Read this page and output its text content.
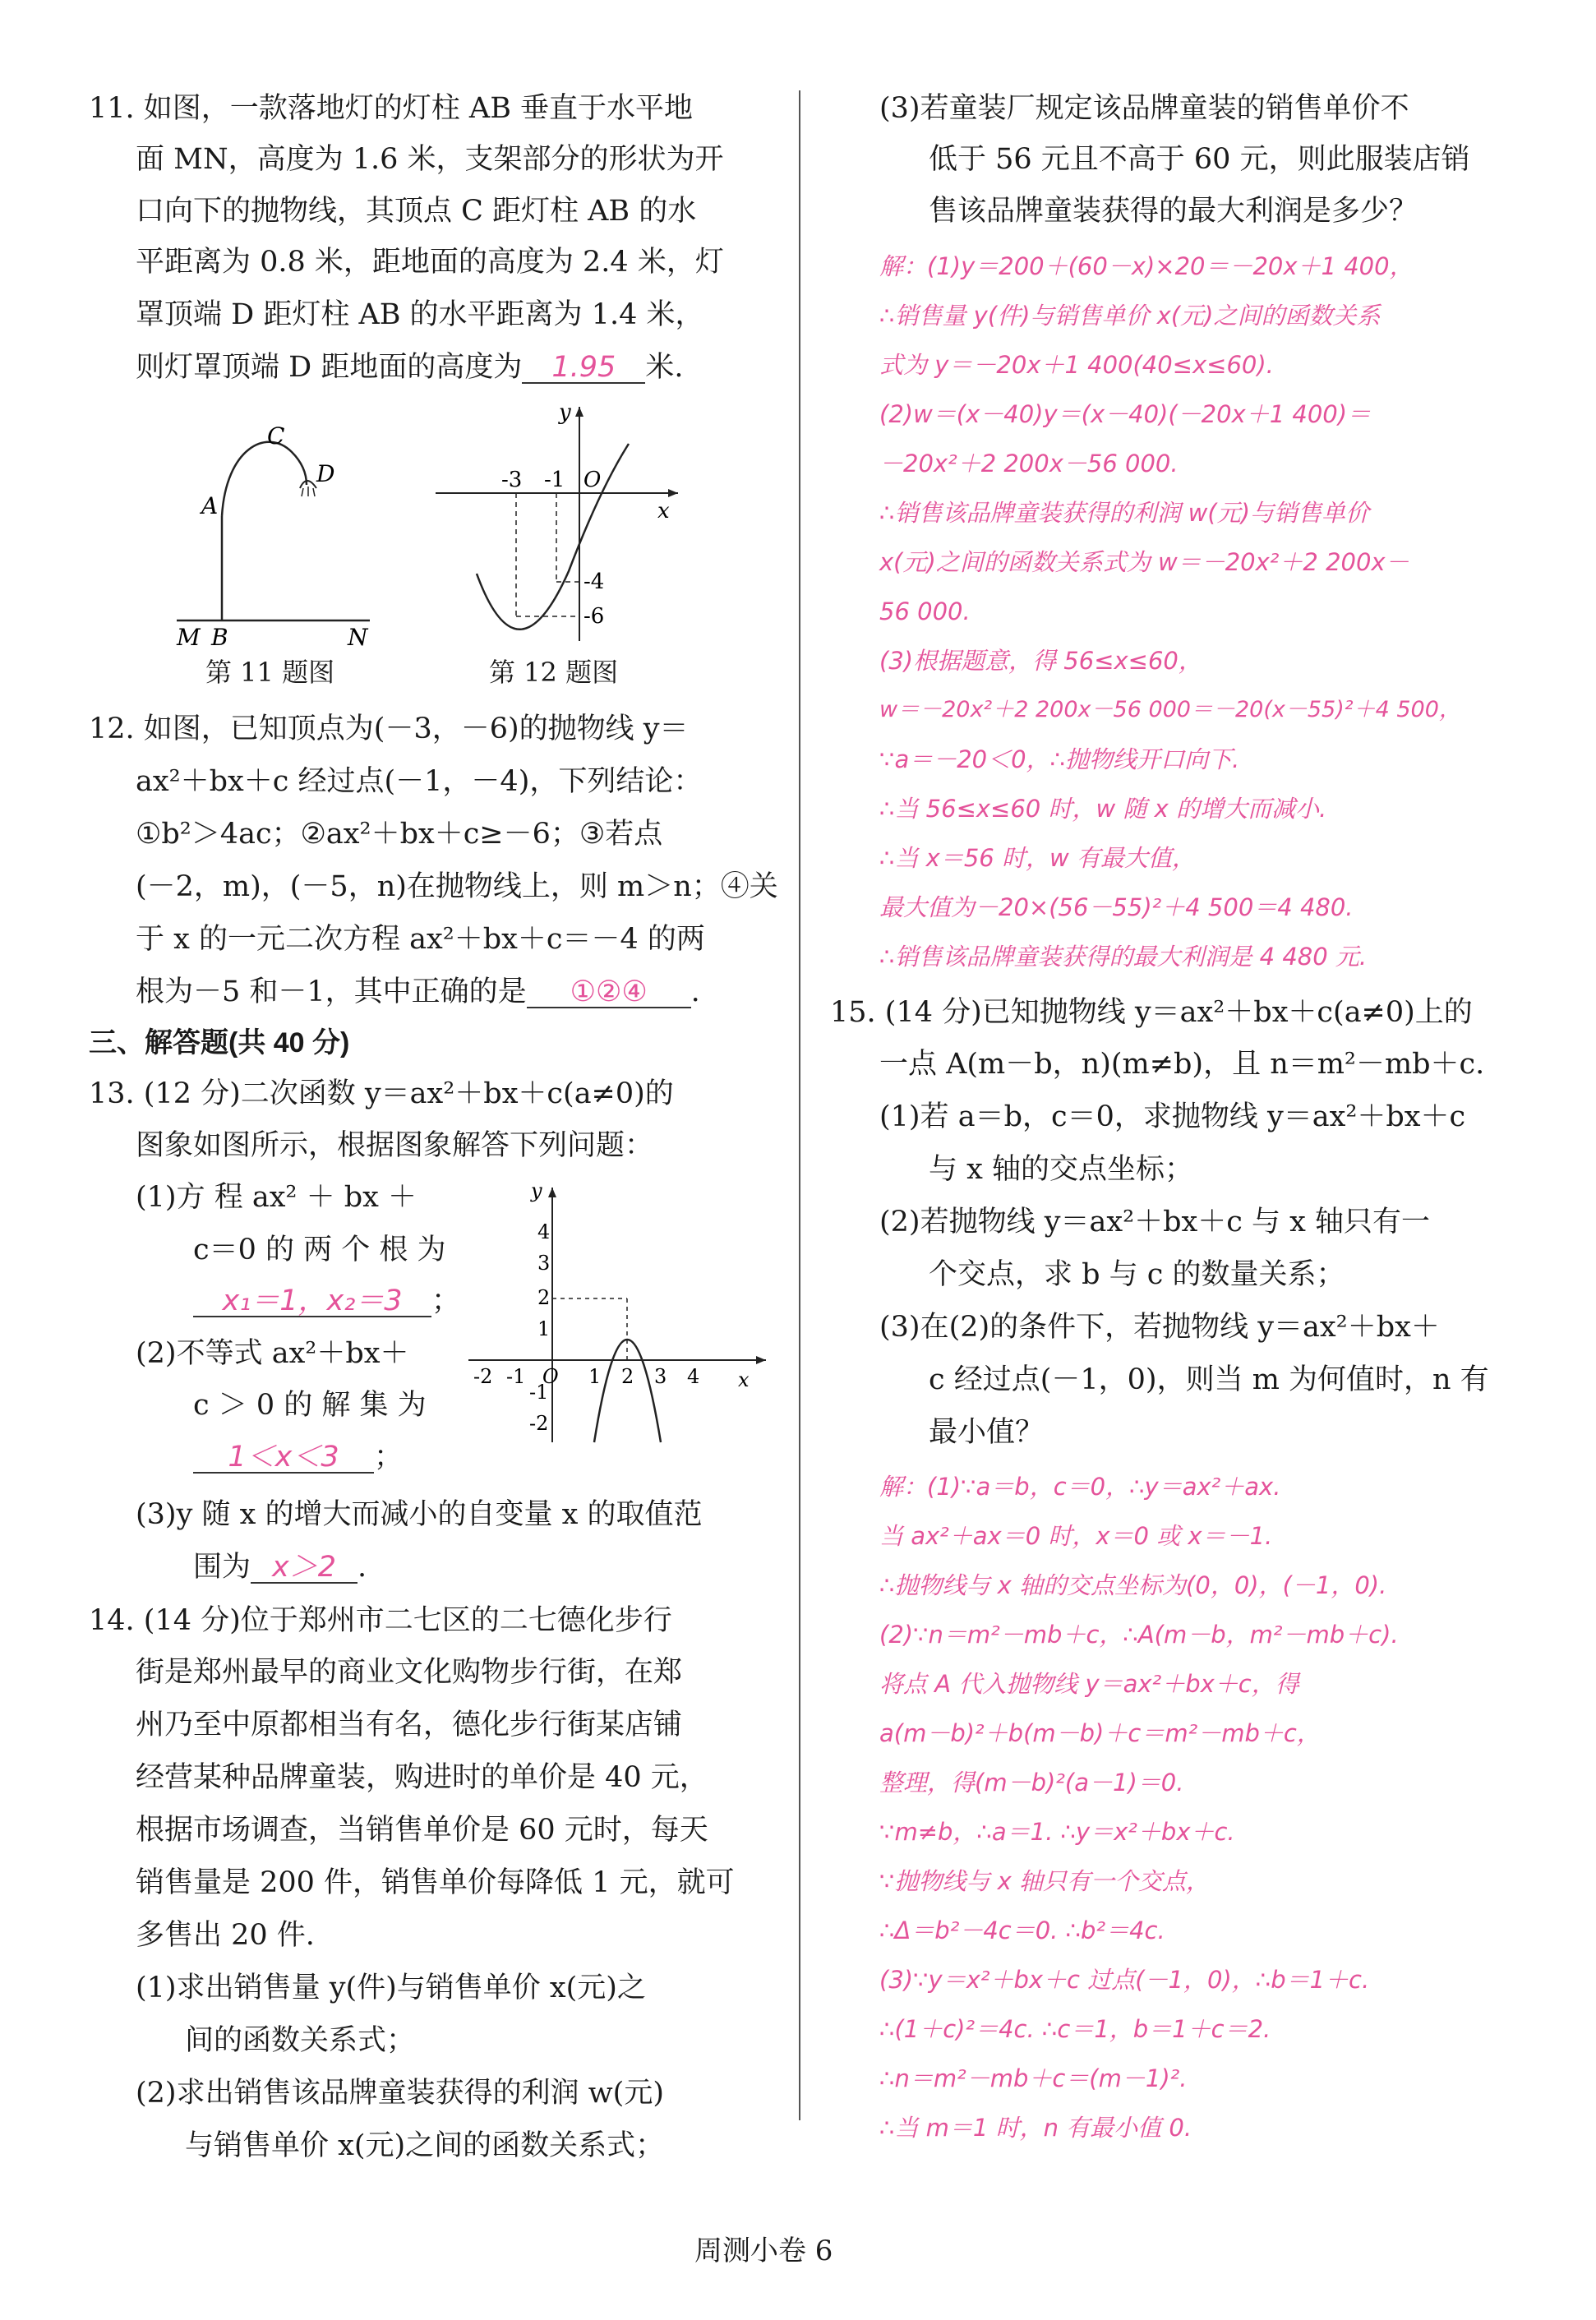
11. 如图，一款落地灯的灯柱 AB 垂直于水平地
面 MN，高度为 1.6 米，支架部分的形状为开
口向下的抛物线，其顶点 C 距灯柱 AB 的水
平距离为 0.8 米，距地面的高度为 2.4 米，灯
罩顶端 D 距灯柱 AB 的水平距离为 1.4 米，
则灯罩顶端 D 距地面的高度为 1.95 米.
C
D
A
M B	N
第 11 题图
y
x
-3 -1 O
-4
-6
第 12 题图
12. 如图，已知顶点为(－3，－6)的抛物线 y＝
ax²＋bx＋c 经过点(－1，－4)，下列结论：
①b²＞4ac；②ax²＋bx＋c≥－6；③若点
(－2，m)，(－5，n)在抛物线上，则 m＞n；④关
于 x 的一元二次方程 ax²＋bx＋c＝－4 的两
根为－5 和－1，其中正确的是 ①②④ .
三、解答题(共 40 分)
13. (12 分)二次函数 y＝ax²＋bx＋c(a≠0)的
图象如图所示，根据图象解答下列问题：
(1)方 程 ax² ＋ bx ＋
c＝0 的 两 个 根 为
x₁＝1，x₂＝3 ；
(2)不等式 ax²＋bx＋
c ＞ 0 的 解 集 为
1＜x＜3 ；
(3)y 随 x 的增大而减小的自变量 x 的取值范
围为 x＞2 .
y
x
4
3
2
1
-1
-2
-2 -1 O 1 2 3 4
14. (14 分)位于郑州市二七区的二七德化步行
街是郑州最早的商业文化购物步行街，在郑
州乃至中原都相当有名，德化步行街某店铺
经营某种品牌童装，购进时的单价是 40 元，
根据市场调查，当销售单价是 60 元时，每天
销售量是 200 件，销售单价每降低 1 元，就可
多售出 20 件.
(1)求出销售量 y(件)与销售单价 x(元)之
间的函数关系式；
(2)求出销售该品牌童装获得的利润 w(元)
与销售单价 x(元)之间的函数关系式；
(3)若童装厂规定该品牌童装的销售单价不
低于 56 元且不高于 60 元，则此服装店销
售该品牌童装获得的最大利润是多少？
解：(1)y＝200＋(60－x)×20＝－20x＋1 400，
∴销售量 y(件)与销售单价 x(元)之间的函数关系
式为 y＝－20x＋1 400(40≤x≤60).
(2)w＝(x－40)y＝(x－40)(－20x＋1 400)＝
－20x²＋2 200x－56 000.
∴销售该品牌童装获得的利润 w(元)与销售单价
x(元)之间的函数关系式为 w＝－20x²＋2 200x－
56 000.
(3)根据题意，得 56≤x≤60，
w＝－20x²＋2 200x－56 000＝－20(x－55)²＋4 500，
∵a＝－20＜0，∴抛物线开口向下.
∴当 56≤x≤60 时，w 随 x 的增大而减小.
∴当 x＝56 时，w 有最大值，
最大值为－20×(56－55)²＋4 500＝4 480.
∴销售该品牌童装获得的最大利润是 4 480 元.
15. (14 分)已知抛物线 y＝ax²＋bx＋c(a≠0)上的
一点 A(m－b，n)(m≠b)，且 n＝m²－mb＋c.
(1)若 a＝b，c＝0，求抛物线 y＝ax²＋bx＋c
与 x 轴的交点坐标；
(2)若抛物线 y＝ax²＋bx＋c 与 x 轴只有一
个交点，求 b 与 c 的数量关系；
(3)在(2)的条件下，若抛物线 y＝ax²＋bx＋
c 经过点(－1，0)，则当 m 为何值时，n 有
最小值？
解：(1)∵a＝b，c＝0，∴y＝ax²＋ax.
当 ax²＋ax＝0 时，x＝0 或 x＝－1.
∴抛物线与 x 轴的交点坐标为(0，0)，(－1，0).
(2)∵n＝m²－mb＋c，∴A(m－b，m²－mb＋c).
将点 A 代入抛物线 y＝ax²＋bx＋c，得
a(m－b)²＋b(m－b)＋c＝m²－mb＋c，
整理，得(m－b)²(a－1)＝0.
∵m≠b，∴a＝1. ∴y＝x²＋bx＋c.
∵抛物线与 x 轴只有一个交点，
∴Δ＝b²－4c＝0. ∴b²＝4c.
(3)∵y＝x²＋bx＋c 过点(－1，0)，∴b＝1＋c.
∴(1＋c)²＝4c. ∴c＝1，b＝1＋c＝2.
∴n＝m²－mb＋c＝(m－1)².
∴当 m＝1 时，n 有最小值 0.
周测小卷 6
